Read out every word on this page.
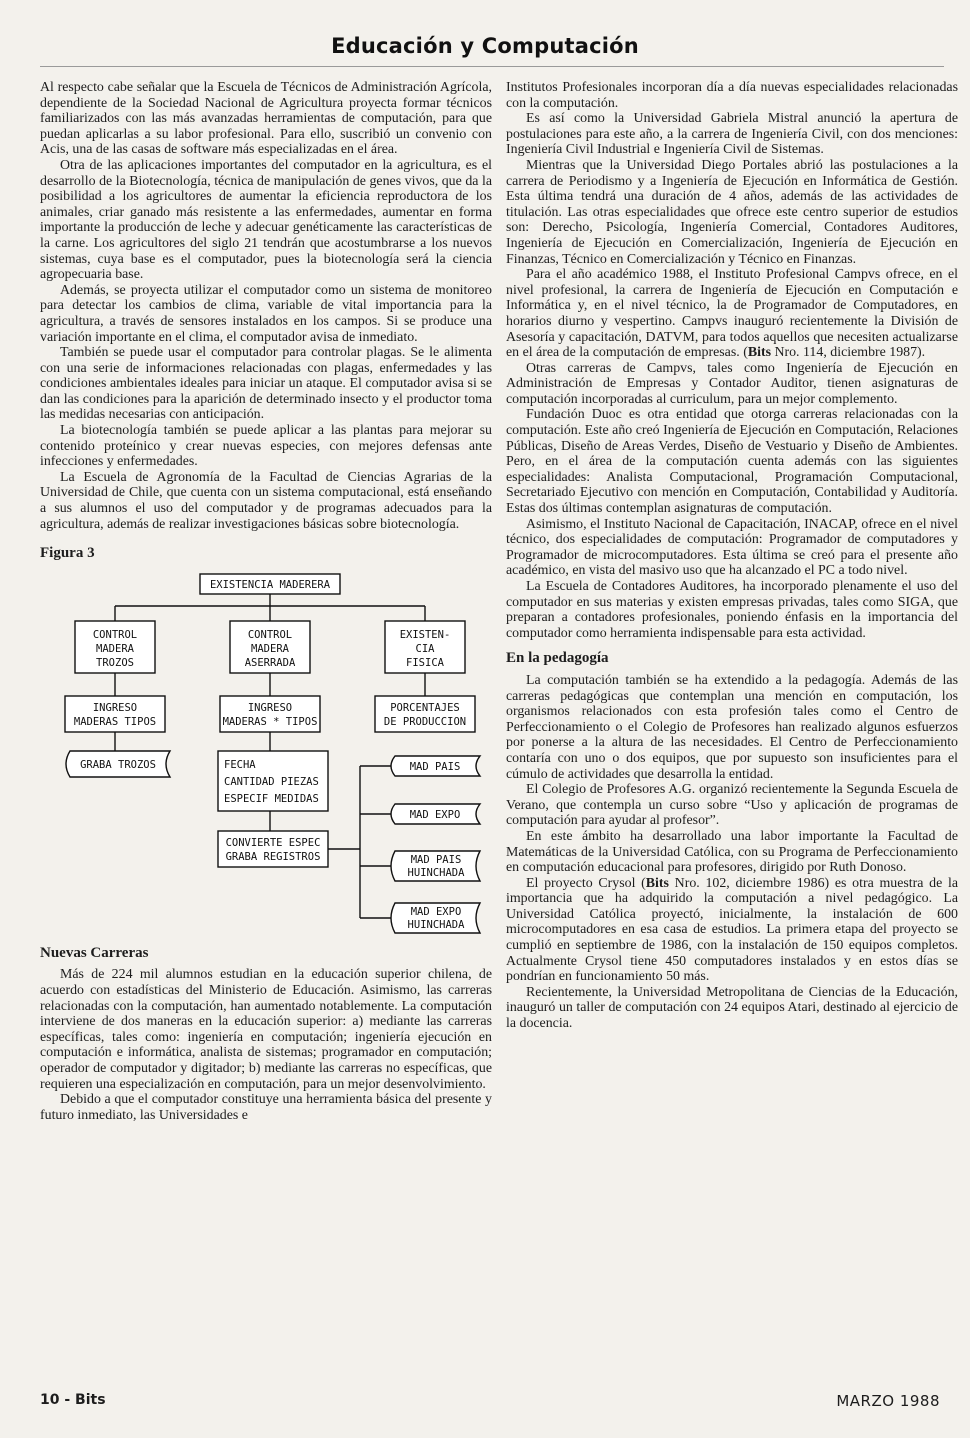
Educación y Computación

Al respecto cabe señalar que la Escuela de Técnicos de Administración Agrícola, dependiente de la Sociedad Nacional de Agricultura proyecta formar técnicos familiarizados con las más avanzadas herramientas de computación, para que puedan aplicarlas a su labor profesional. Para ello, suscribió un convenio con Acis, una de las casas de software más especializadas en el área.

Otra de las aplicaciones importantes del computador en la agricultura, es el desarrollo de la Biotecnología, técnica de manipulación de genes vivos, que da la posibilidad a los agricultores de aumentar la eficiencia reproductora de los animales, criar ganado más resistente a las enfermedades, aumentar en forma importante la producción de leche y adecuar genéticamente las características de la carne. Los agricultores del siglo 21 tendrán que acostumbrarse a los nuevos sistemas, cuya base es el computador, pues la biotecnología será la ciencia agropecuaria base.

Además, se proyecta utilizar el computador como un sistema de monitoreo para detectar los cambios de clima, variable de vital importancia para la agricultura, a través de sensores instalados en los campos. Si se produce una variación importante en el clima, el computador avisa de inmediato.

También se puede usar el computador para controlar plagas. Se le alimenta con una serie de informaciones relacionadas con plagas, enfermedades y las condiciones ambientales ideales para iniciar un ataque. El computador avisa si se dan las condiciones para la aparición de determinado insecto y el productor toma las medidas necesarias con anticipación.

La biotecnología también se puede aplicar a las plantas para mejorar su contenido proteínico y crear nuevas especies, con mejores defensas ante infecciones y enfermedades.

La Escuela de Agronomía de la Facultad de Ciencias Agrarias de la Universidad de Chile, que cuenta con un sistema computacional, está enseñando a sus alumnos el uso del computador y de programas adecuados para la agricultura, además de realizar investigaciones básicas sobre biotecnología.

Figura 3
EXISTENCIA MADERERA
CONTROL
MADERA
TROZOS
CONTROL
MADERA
ASERRADA
EXISTEN-
CIA
FISICA
INGRESO
MADERAS TIPOS
INGRESO
MADERAS * TIPOS
PORCENTAJES
DE PRODUCCION
GRABA TROZOS	FECHA
CANTIDAD PIEZAS
ESPECIF MEDIDAS
CONVIERTE ESPEC
GRABA REGISTROS
MAD PAIS
MAD EXPO
MAD PAIS
HUINCHADA
MAD EXPO
HUINCHADA
Nuevas Carreras

Más de 224 mil alumnos estudian en la educación superior chilena, de acuerdo con estadísticas del Ministerio de Educación. Asimismo, las carreras relacionadas con la computación, han aumentado notablemente. La computación interviene de dos maneras en la educación superior: a) mediante las carreras específicas, tales como: ingeniería en computación; ingeniería ejecución en computación e informática, analista de sistemas; programador en computación; operador de computador y digitador; b) mediante las carreras no específicas, que requieren una especialización en computación, para un mejor desenvolvimiento.

Debido a que el computador constituye una herramienta básica del presente y futuro inmediato, las Universidades e

Institutos Profesionales incorporan día a día nuevas especialidades relacionadas con la computación.

Es así como la Universidad Gabriela Mistral anunció la apertura de postulaciones para este año, a la carrera de Ingeniería Civil, con dos menciones: Ingeniería Civil Industrial e Ingeniería Civil de Sistemas.

Mientras que la Universidad Diego Portales abrió las postulaciones a la carrera de Periodismo y a Ingeniería de Ejecución en Informática de Gestión. Esta última tendrá una duración de 4 años, además de las actividades de titulación. Las otras especialidades que ofrece este centro superior de estudios son: Derecho, Psicología, Ingeniería Comercial, Contadores Auditores, Ingeniería de Ejecución en Comercialización, Ingeniería de Ejecución en Finanzas, Técnico en Comercialización y Técnico en Finanzas.

Para el año académico 1988, el Instituto Profesional Campvs ofrece, en el nivel profesional, la carrera de Ingeniería de Ejecución en Computación e Informática y, en el nivel técnico, la de Programador de Computadores, en horarios diurno y vespertino. Campvs inauguró recientemente la División de Asesoría y capacitación, DATVM, para todos aquellos que necesiten actualizarse en el área de la computación de empresas. (Bits Nro. 114, diciembre 1987).

Otras carreras de Campvs, tales como Ingeniería de Ejecución en Administración de Empresas y Contador Auditor, tienen asignaturas de computación incorporadas al curriculum, para un mejor complemento.

Fundación Duoc es otra entidad que otorga carreras relacionadas con la computación. Este año creó Ingeniería de Ejecución en Computación, Relaciones Públicas, Diseño de Areas Verdes, Diseño de Vestuario y Diseño de Ambientes. Pero, en el área de la computación cuenta además con las siguientes especialidades: Analista Computacional, Programación Computacional, Secretariado Ejecutivo con mención en Computación, Contabilidad y Auditoría. Estas dos últimas contemplan asignaturas de computación.

Asimismo, el Instituto Nacional de Capacitación, INACAP, ofrece en el nivel técnico, dos especialidades de computación: Programador de computadores y Programador de microcomputadores. Esta última se creó para el presente año académico, en vista del masivo uso que ha alcanzado el PC a todo nivel.

La Escuela de Contadores Auditores, ha incorporado plenamente el uso del computador en sus materias y existen empresas privadas, tales como SIGA, que preparan a contadores profesionales, poniendo énfasis en la importancia del computador como herramienta indispensable para esta actividad.

En la pedagogía

La computación también se ha extendido a la pedagogía. Además de las carreras pedagógicas que contemplan una mención en computación, los organismos relacionados con esta profesión tales como el Centro de Perfeccionamiento o el Colegio de Profesores han realizado algunos esfuerzos por ponerse a la altura de las necesidades. El Centro de Perfeccionamiento contaría con uno o dos equipos, que por supuesto son insuficientes para el cúmulo de actividades que desarrolla la entidad.

El Colegio de Profesores A.G. organizó recientemente la Segunda Escuela de Verano, que contempla un curso sobre “Uso y aplicación de programas de computación para ayudar al profesor”.

En este ámbito ha desarrollado una labor importante la Facultad de Matemáticas de la Universidad Católica, con su Programa de Perfeccionamiento en computación educacional para profesores, dirigido por Ruth Donoso.

El proyecto Crysol (Bits Nro. 102, diciembre 1986) es otra muestra de la importancia que ha adquirido la computación a nivel pedagógico. La Universidad Católica proyectó, inicialmente, la instalación de 600 microcomputadores en esa casa de estudios. La primera etapa del proyecto se cumplió en septiembre de 1986, con la instalación de 150 equipos completos. Actualmente Crysol tiene 450 computadores instalados y en estos días se pondrían en funcionamiento 50 más.

Recientemente, la Universidad Metropolitana de Ciencias de la Educación, inauguró un taller de computación con 24 equipos Atari, destinado al ejercicio de la docencia.

10 - Bits	MARZO 1988
